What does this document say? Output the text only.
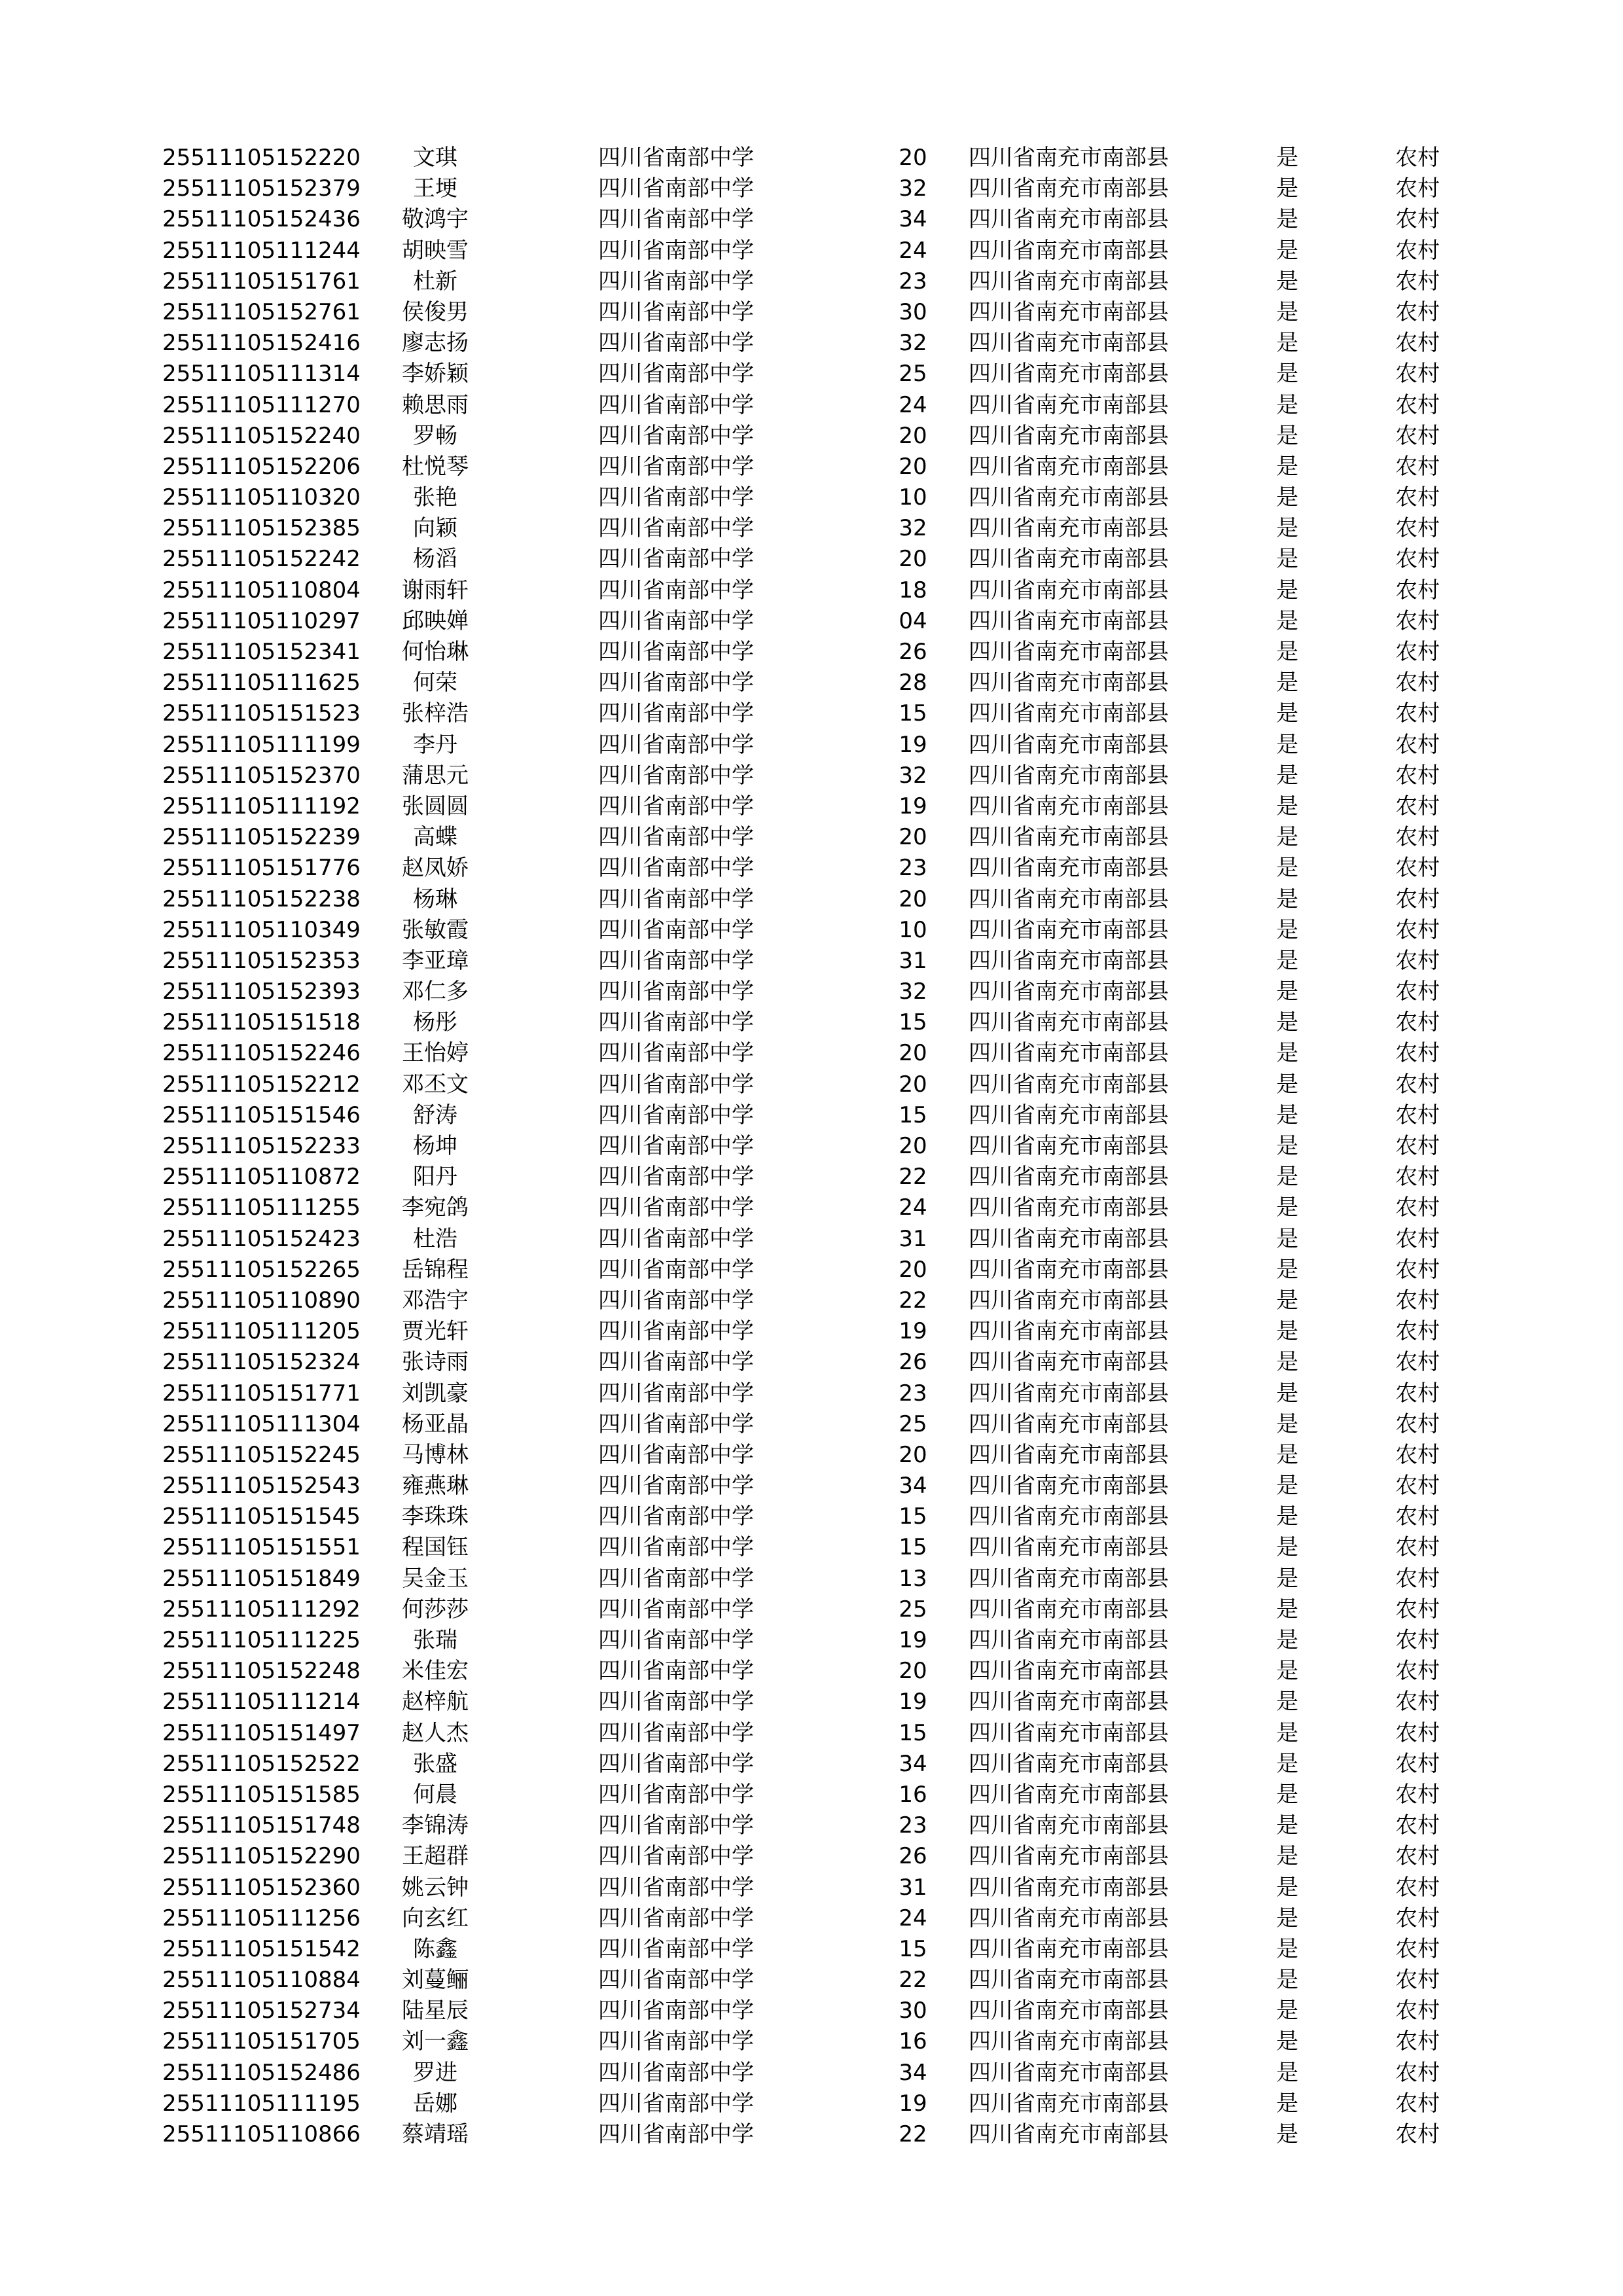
25511105152220 文琪	四川省南部中学	20 四川省南充市南部县	是	农村
25511105152379 王埂	四川省南部中学	32 四川省南充市南部县	是	农村
25511105152436 敬鸿宇	四川省南部中学	34 四川省南充市南部县	是	农村
25511105111244 胡映雪	四川省南部中学	24 四川省南充市南部县	是	农村
25511105151761 杜新	四川省南部中学	23 四川省南充市南部县	是	农村
25511105152761 侯俊男	四川省南部中学	30 四川省南充市南部县	是	农村
25511105152416 廖志扬	四川省南部中学	32 四川省南充市南部县	是	农村
25511105111314 李娇颖	四川省南部中学	25 四川省南充市南部县	是	农村
25511105111270 赖思雨	四川省南部中学	24 四川省南充市南部县	是	农村
25511105152240 罗畅	四川省南部中学	20 四川省南充市南部县	是	农村
25511105152206 杜悦琴	四川省南部中学	20 四川省南充市南部县	是	农村
25511105110320 张艳	四川省南部中学	10 四川省南充市南部县	是	农村
25511105152385 向颖	四川省南部中学	32 四川省南充市南部县	是	农村
25511105152242 杨滔	四川省南部中学	20 四川省南充市南部县	是	农村
25511105110804 谢雨轩	四川省南部中学	18 四川省南充市南部县	是	农村
25511105110297 邱映婵	四川省南部中学	04 四川省南充市南部县	是	农村
25511105152341 何怡琳	四川省南部中学	26 四川省南充市南部县	是	农村
25511105111625 何荣	四川省南部中学	28 四川省南充市南部县	是	农村
25511105151523 张梓浩	四川省南部中学	15 四川省南充市南部县	是	农村
25511105111199 李丹	四川省南部中学	19 四川省南充市南部县	是	农村
25511105152370 蒲思元	四川省南部中学	32 四川省南充市南部县	是	农村
25511105111192 张圆圆	四川省南部中学	19 四川省南充市南部县	是	农村
25511105152239 高蝶	四川省南部中学	20 四川省南充市南部县	是	农村
25511105151776 赵凤娇	四川省南部中学	23 四川省南充市南部县	是	农村
25511105152238 杨琳	四川省南部中学	20 四川省南充市南部县	是	农村
25511105110349 张敏霞	四川省南部中学	10 四川省南充市南部县	是	农村
25511105152353 李亚璋	四川省南部中学	31 四川省南充市南部县	是	农村
25511105152393 邓仁多	四川省南部中学	32 四川省南充市南部县	是	农村
25511105151518 杨彤	四川省南部中学	15 四川省南充市南部县	是	农村
25511105152246 王怡婷	四川省南部中学	20 四川省南充市南部县	是	农村
25511105152212 邓丕文	四川省南部中学	20 四川省南充市南部县	是	农村
25511105151546 舒涛	四川省南部中学	15 四川省南充市南部县	是	农村
25511105152233 杨坤	四川省南部中学	20 四川省南充市南部县	是	农村
25511105110872 阳丹	四川省南部中学	22 四川省南充市南部县	是	农村
25511105111255 李宛鸽	四川省南部中学	24 四川省南充市南部县	是	农村
25511105152423 杜浩	四川省南部中学	31 四川省南充市南部县	是	农村
25511105152265 岳锦程	四川省南部中学	20 四川省南充市南部县	是	农村
25511105110890 邓浩宇	四川省南部中学	22 四川省南充市南部县	是	农村
25511105111205 贾光轩	四川省南部中学	19 四川省南充市南部县	是	农村
25511105152324 张诗雨	四川省南部中学	26 四川省南充市南部县	是	农村
25511105151771 刘凯豪	四川省南部中学	23 四川省南充市南部县	是	农村
25511105111304 杨亚晶	四川省南部中学	25 四川省南充市南部县	是	农村
25511105152245 马博林	四川省南部中学	20 四川省南充市南部县	是	农村
25511105152543 雍燕琳	四川省南部中学	34 四川省南充市南部县	是	农村
25511105151545 李珠珠	四川省南部中学	15 四川省南充市南部县	是	农村
25511105151551 程国钰	四川省南部中学	15 四川省南充市南部县	是	农村
25511105151849 吴金玉	四川省南部中学	13 四川省南充市南部县	是	农村
25511105111292 何莎莎	四川省南部中学	25 四川省南充市南部县	是	农村
25511105111225 张瑞	四川省南部中学	19 四川省南充市南部县	是	农村
25511105152248 米佳宏	四川省南部中学	20 四川省南充市南部县	是	农村
25511105111214 赵梓航	四川省南部中学	19 四川省南充市南部县	是	农村
25511105151497 赵人杰	四川省南部中学	15 四川省南充市南部县	是	农村
25511105152522 张盛	四川省南部中学	34 四川省南充市南部县	是	农村
25511105151585 何晨	四川省南部中学	16 四川省南充市南部县	是	农村
25511105151748 李锦涛	四川省南部中学	23 四川省南充市南部县	是	农村
25511105152290 王超群	四川省南部中学	26 四川省南充市南部县	是	农村
25511105152360 姚云钟	四川省南部中学	31 四川省南充市南部县	是	农村
25511105111256 向玄红	四川省南部中学	24 四川省南充市南部县	是	农村
25511105151542 陈鑫	四川省南部中学	15 四川省南充市南部县	是	农村
25511105110884 刘蔓鲡	四川省南部中学	22 四川省南充市南部县	是	农村
25511105152734 陆星辰	四川省南部中学	30 四川省南充市南部县	是	农村
25511105151705 刘一鑫	四川省南部中学	16 四川省南充市南部县	是	农村
25511105152486 罗进	四川省南部中学	34 四川省南充市南部县	是	农村
25511105111195 岳娜	四川省南部中学	19 四川省南充市南部县	是	农村
25511105110866 蔡靖瑶	四川省南部中学	22 四川省南充市南部县	是	农村
